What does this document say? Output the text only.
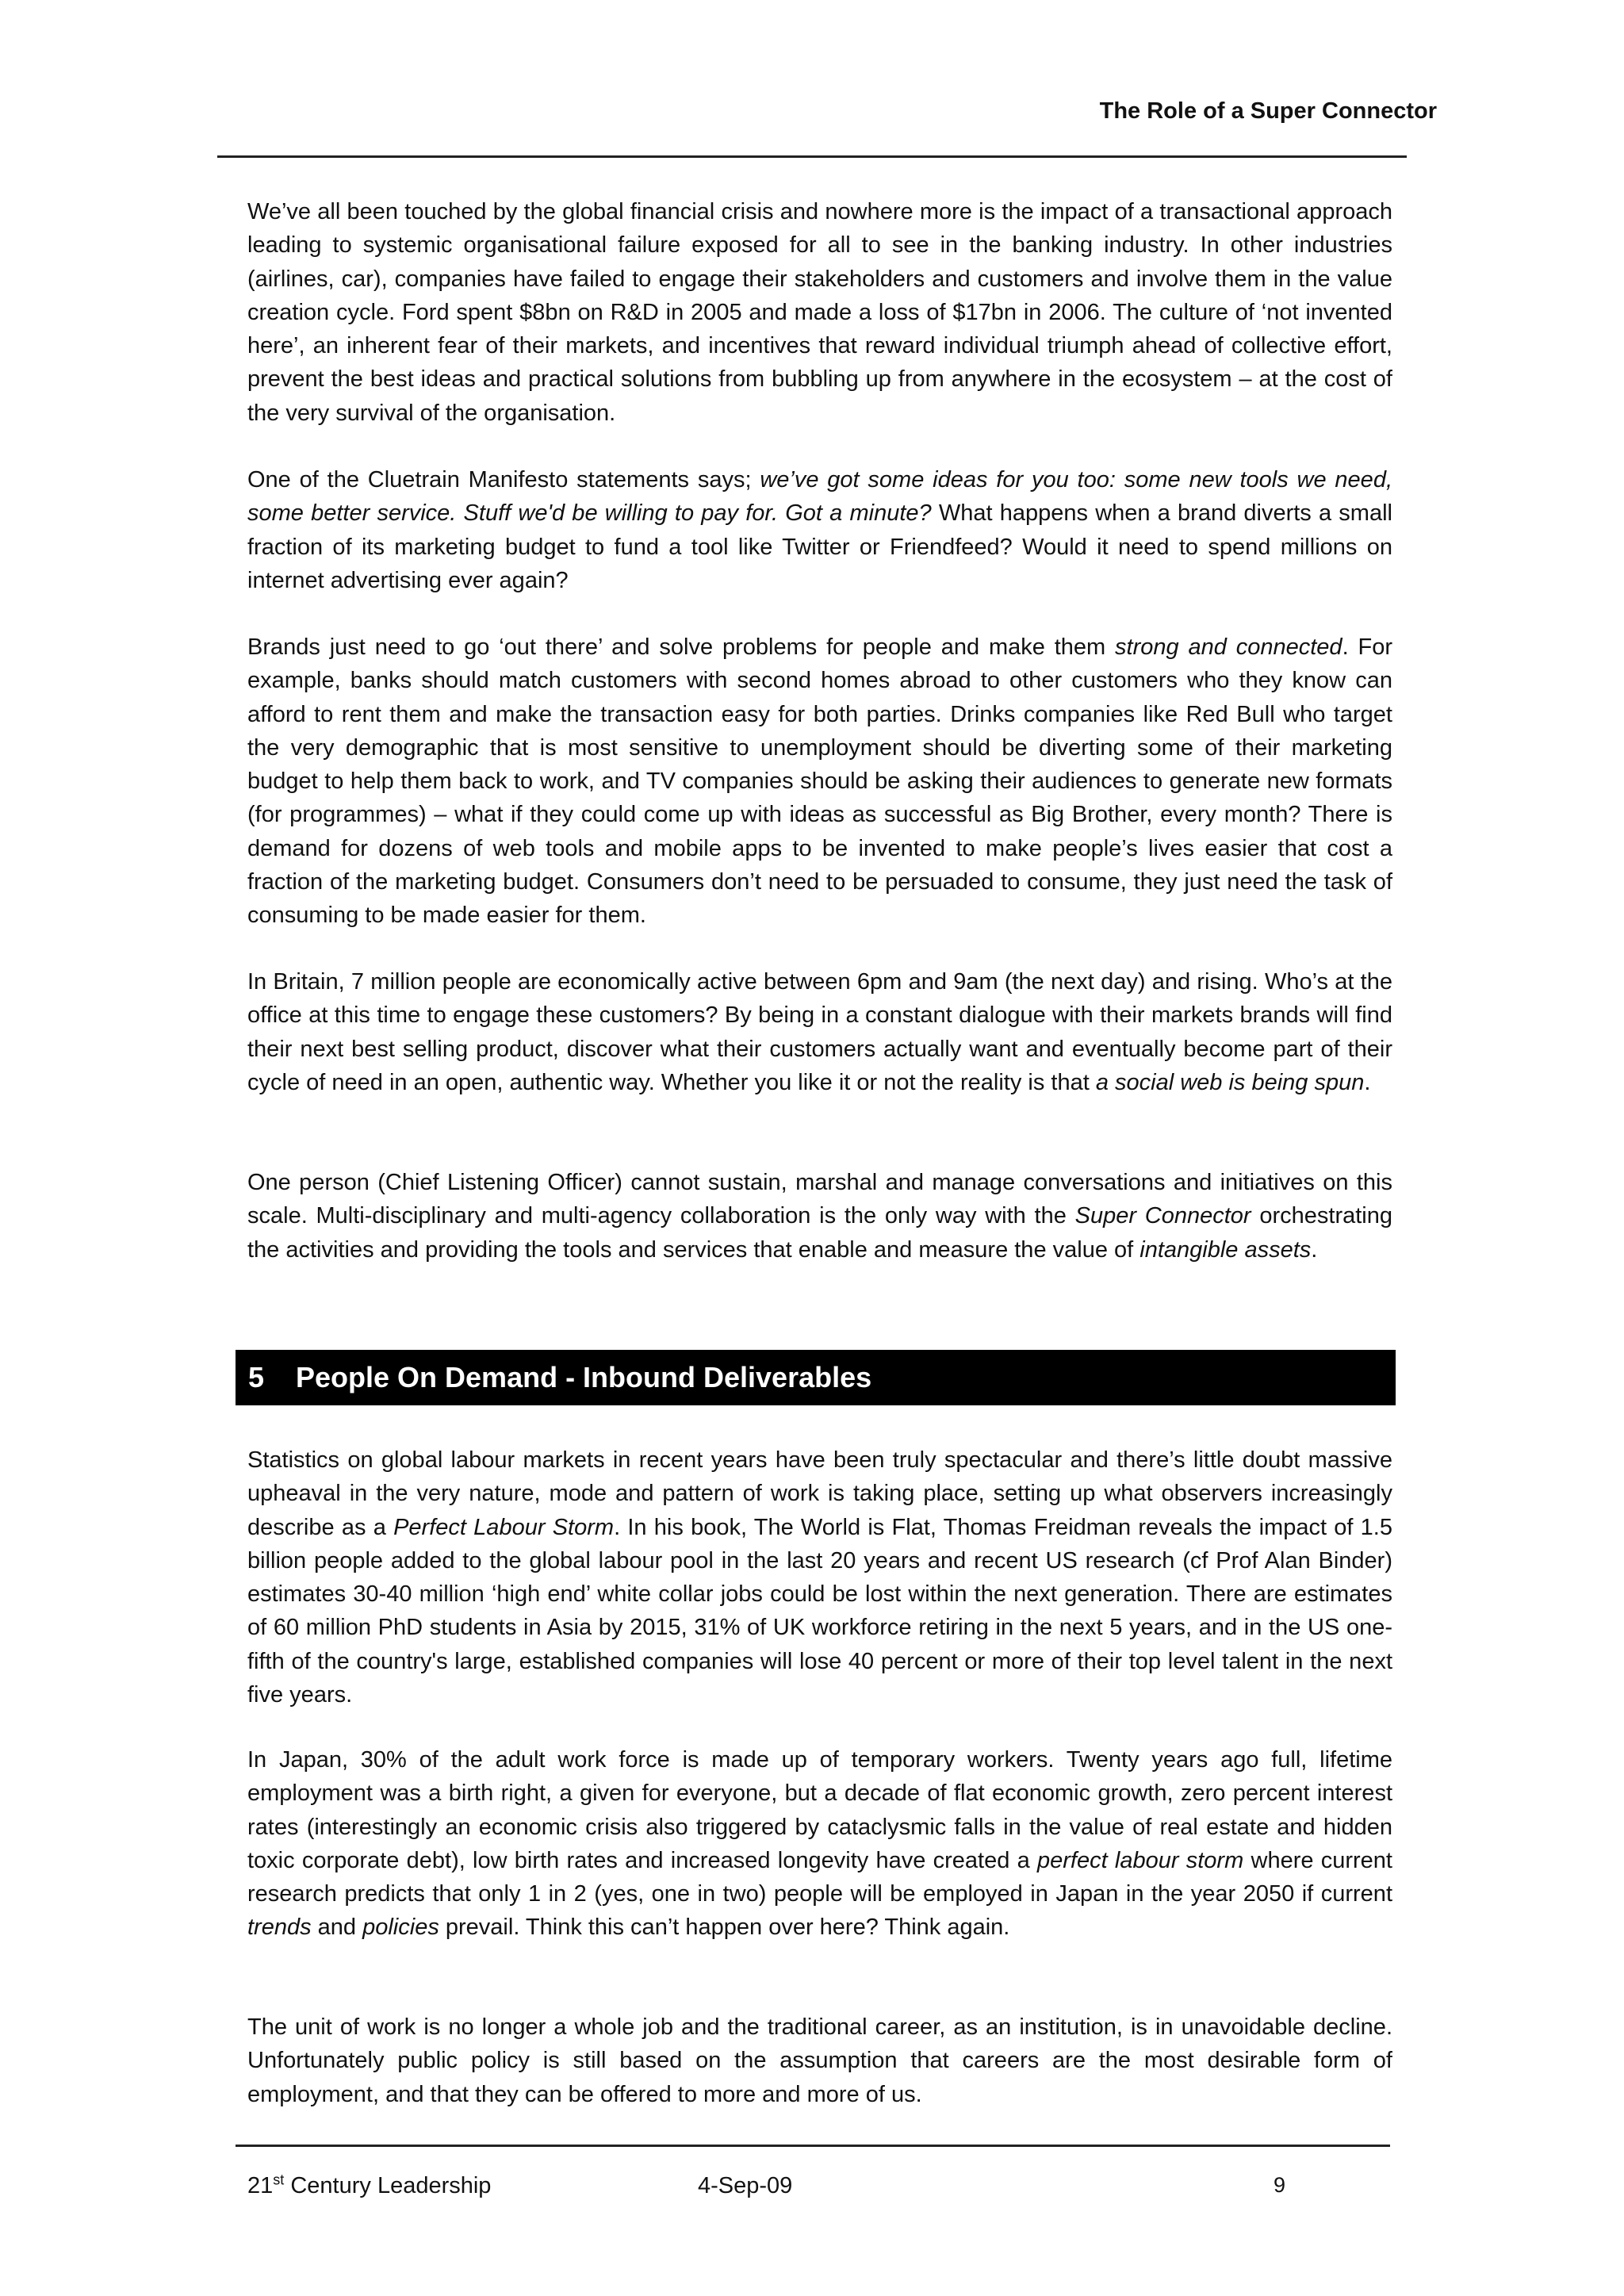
The Role of a Super Connector

We’ve all been touched by the global financial crisis and nowhere more is the impact of a transactional approach leading to systemic organisational failure exposed for all to see in the banking industry. In other industries (airlines, car), companies have failed to engage their stakeholders and customers and involve them in the value creation cycle. Ford spent $8bn on R&D in 2005 and made a loss of $17bn in 2006. The culture of ‘not invented here’, an inherent fear of their markets, and incentives that reward individual triumph ahead of collective effort, prevent the best ideas and practical solutions from bubbling up from anywhere in the ecosystem – at the cost of the very survival of the organisation.

One of the Cluetrain Manifesto statements says; we’ve got some ideas for you too: some new tools we need, some better service. Stuff we'd be willing to pay for. Got a minute? What happens when a brand diverts a small fraction of its marketing budget to fund a tool like Twitter or Friendfeed? Would it need to spend millions on internet advertising ever again?

Brands just need to go ‘out there’ and solve problems for people and make them strong and connected. For example, banks should match customers with second homes abroad to other customers who they know can afford to rent them and make the transaction easy for both parties. Drinks companies like Red Bull who target the very demographic that is most sensitive to unemployment should be diverting some of their marketing budget to help them back to work, and TV companies should be asking their audiences to generate new formats (for programmes) – what if they could come up with ideas as successful as Big Brother, every month? There is demand for dozens of web tools and mobile apps to be invented to make people’s lives easier that cost a fraction of the marketing budget. Consumers don’t need to be persuaded to consume, they just need the task of consuming to be made easier for them.

In Britain, 7 million people are economically active between 6pm and 9am (the next day) and rising. Who’s at the office at this time to engage these customers? By being in a constant dialogue with their markets brands will find their next best selling product, discover what their customers actually want and eventually become part of their cycle of need in an open, authentic way. Whether you like it or not the reality is that a social web is being spun.

One person (Chief Listening Officer) cannot sustain, marshal and manage conversations and initiatives on this scale. Multi-disciplinary and multi-agency collaboration is the only way with the Super Connector orchestrating the activities and providing the tools and services that enable and measure the value of intangible assets.

Statistics on global labour markets in recent years have been truly spectacular and there’s little doubt massive upheaval in the very nature, mode and pattern of work is taking place, setting up what observers increasingly describe as a Perfect Labour Storm. In his book, The World is Flat, Thomas Freidman reveals the impact of 1.5 billion people added to the global labour pool in the last 20 years and recent US research (cf Prof Alan Binder) estimates 30-40 million ‘high end’ white collar jobs could be lost within the next generation. There are estimates of 60 million PhD students in Asia by 2015, 31% of UK workforce retiring in the next 5 years, and in the US one-fifth of the country's large, established companies will lose 40 percent or more of their top level talent in the next five years.

In Japan, 30% of the adult work force is made up of temporary workers. Twenty years ago full, lifetime employment was a birth right, a given for everyone, but a decade of flat economic growth, zero percent interest rates (interestingly an economic crisis also triggered by cataclysmic falls in the value of real estate and hidden toxic corporate debt), low birth rates and increased longevity have created a perfect labour storm where current research predicts that only 1 in 2 (yes, one in two) people will be employed in Japan in the year 2050 if current trends and policies prevail. Think this can’t happen over here? Think again.

The unit of work is no longer a whole job and the traditional career, as an institution, is in unavoidable decline. Unfortunately public policy is still based on the assumption that careers are the most desirable form of employment, and that they can be offered to more and more of us.

5 People On Demand - Inbound Deliverables
21st Century Leadership	4-Sep-09	9
